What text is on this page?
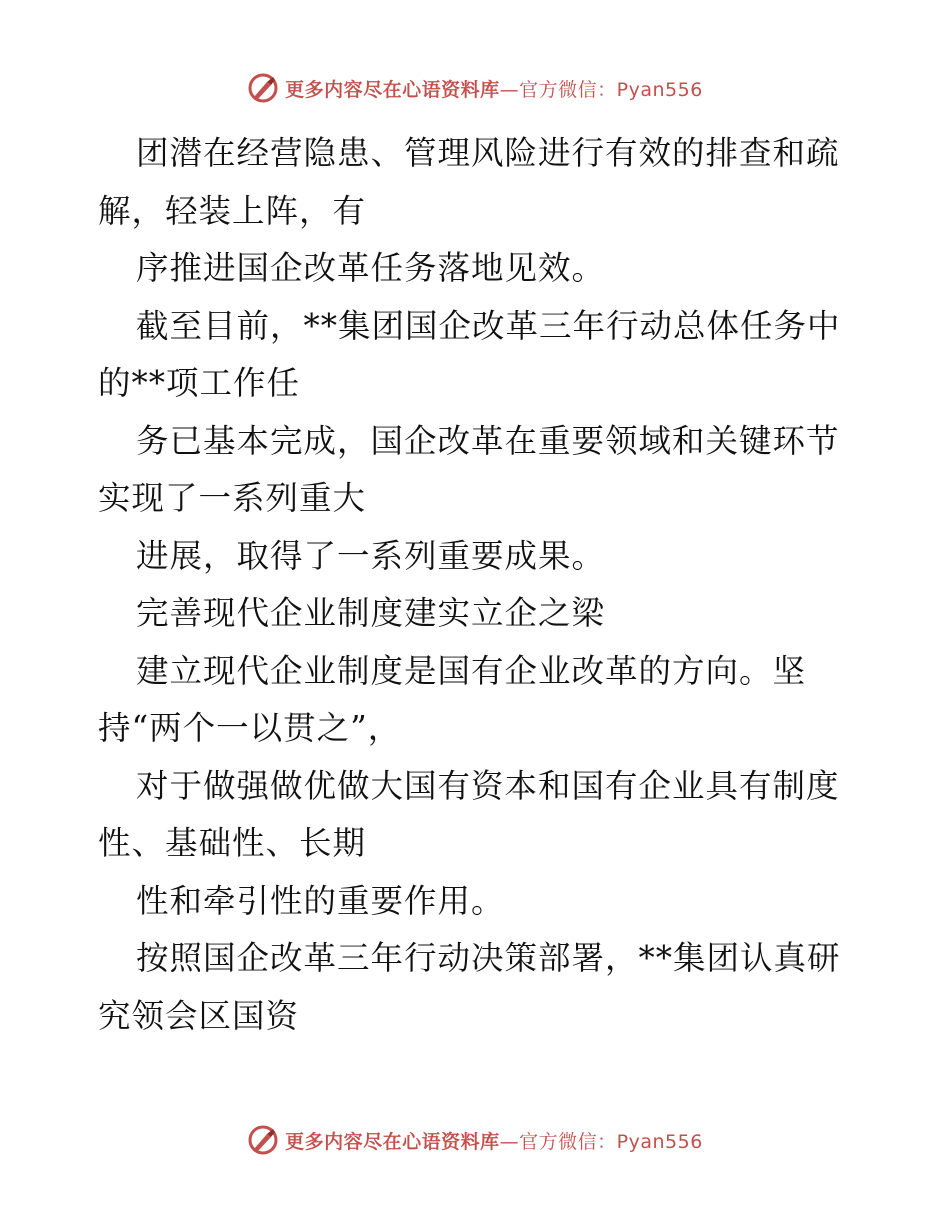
更多内容尽在心语资料库—官方微信：Pyan556

团潜在经营隐患、管理风险进行有效的排查和疏

解，轻装上阵，有

序推进国企改革任务落地见效。

截至目前，**集团国企改革三年行动总体任务中

的**项工作任

务已基本完成，国企改革在重要领域和关键环节

实现了一系列重大

进展，取得了一系列重要成果。

完善现代企业制度建实立企之梁

建立现代企业制度是国有企业改革的方向。坚

持“两个一以贯之”，

对于做强做优做大国有资本和国有企业具有制度

性、基础性、长期

性和牵引性的重要作用。

按照国企改革三年行动决策部署，**集团认真研

究领会区国资

更多内容尽在心语资料库—官方微信：Pyan556
